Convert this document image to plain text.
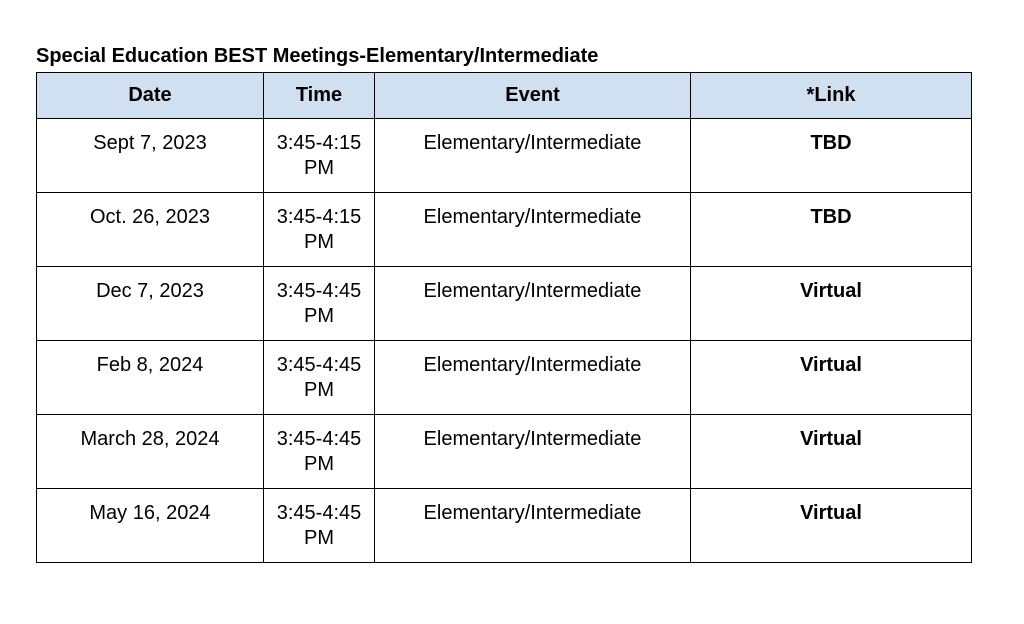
Special Education BEST Meetings-Elementary/Intermediate
Date	Time	Event	*Link
Sept 7, 2023	3:45-4:15 PM	Elementary/Intermediate	TBD
Oct. 26, 2023	3:45-4:15 PM	Elementary/Intermediate	TBD
Dec 7, 2023	3:45-4:45 PM	Elementary/Intermediate	Virtual
Feb 8, 2024	3:45-4:45 PM	Elementary/Intermediate	Virtual
March 28, 2024	3:45-4:45 PM	Elementary/Intermediate	Virtual
May 16, 2024	3:45-4:45 PM	Elementary/Intermediate	Virtual
